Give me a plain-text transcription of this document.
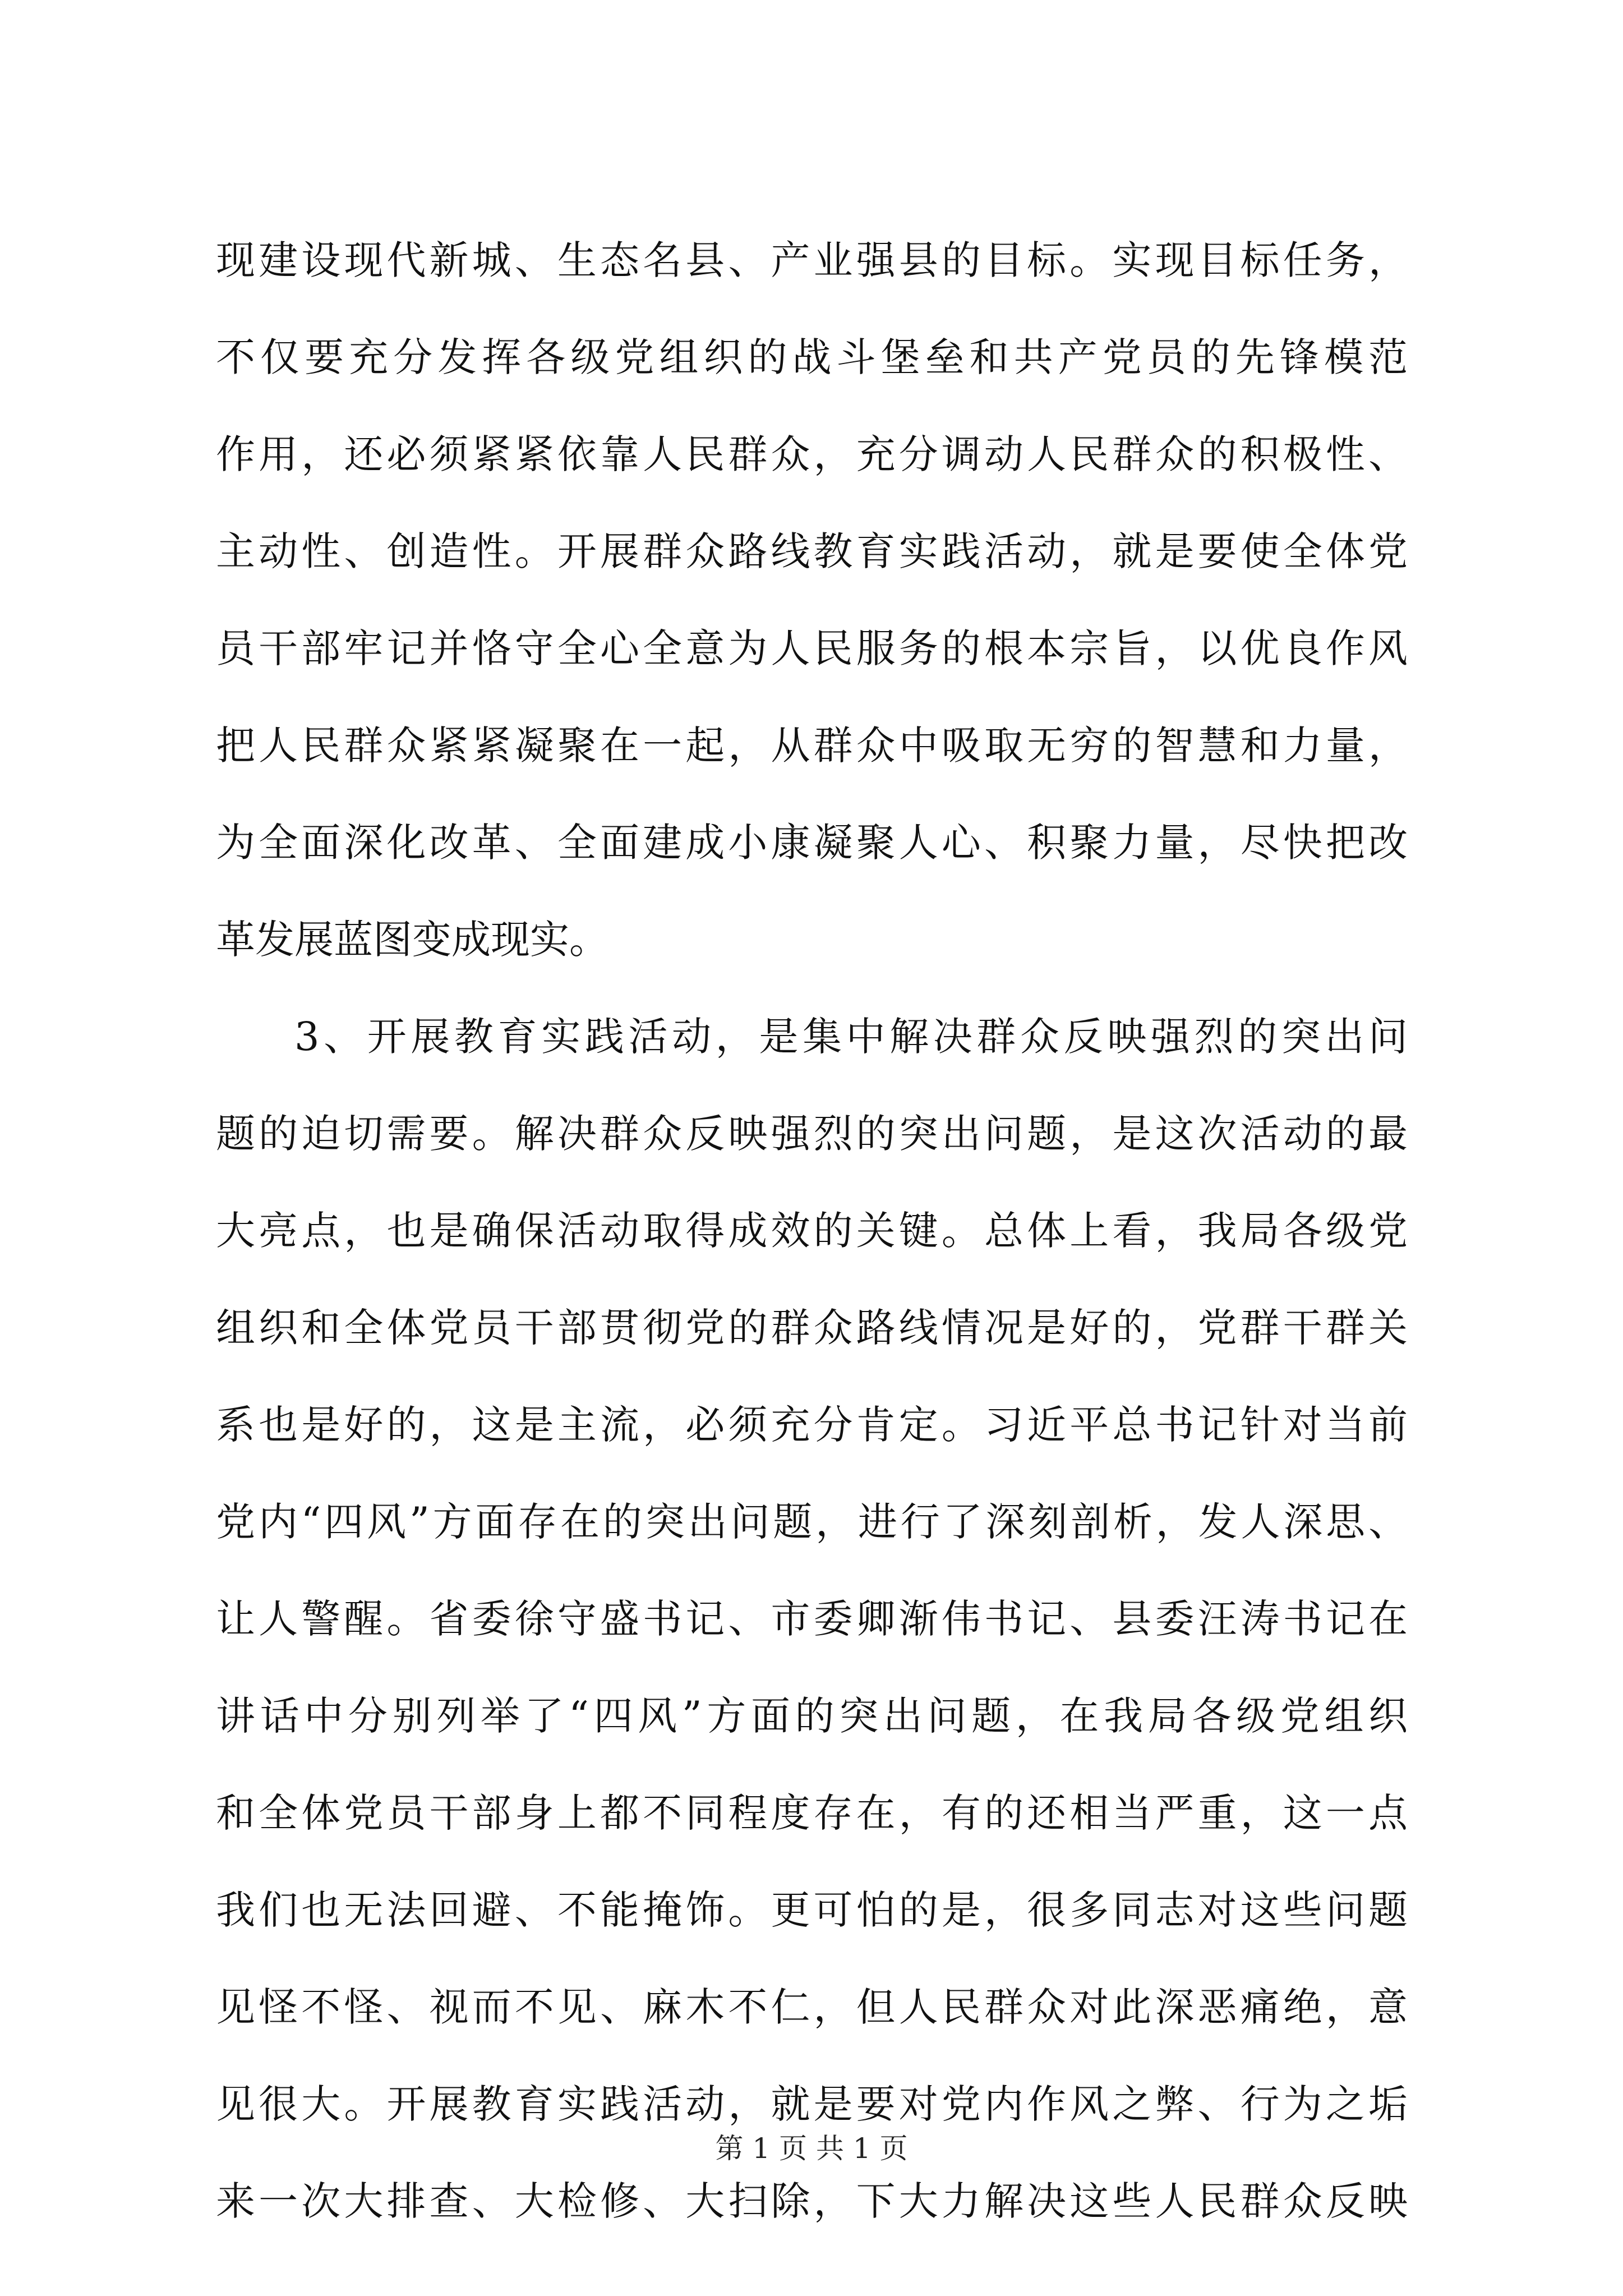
现建设现代新城、生态名县、产业强县的目标。实现目标任务，
不仅要充分发挥各级党组织的战斗堡垒和共产党员的先锋模范
作用，还必须紧紧依靠人民群众，充分调动人民群众的积极性、
主动性、创造性。开展群众路线教育实践活动，就是要使全体党
员干部牢记并恪守全心全意为人民服务的根本宗旨，以优良作风
把人民群众紧紧凝聚在一起，从群众中吸取无穷的智慧和力量，
为全面深化改革、全面建成小康凝聚人心、积聚力量，尽快把改
革发展蓝图变成现实。
3、开展教育实践活动，是集中解决群众反映强烈的突出问
题的迫切需要。解决群众反映强烈的突出问题，是这次活动的最
大亮点，也是确保活动取得成效的关键。总体上看，我局各级党
组织和全体党员干部贯彻党的群众路线情况是好的，党群干群关
系也是好的，这是主流，必须充分肯定。习近平总书记针对当前
党内“四风”方面存在的突出问题，进行了深刻剖析，发人深思、
让人警醒。省委徐守盛书记、市委卿渐伟书记、县委汪涛书记在
讲话中分别列举了“四风”方面的突出问题，在我局各级党组织
和全体党员干部身上都不同程度存在，有的还相当严重，这一点
我们也无法回避、不能掩饰。更可怕的是，很多同志对这些问题
见怪不怪、视而不见、麻木不仁，但人民群众对此深恶痛绝，意
见很大。开展教育实践活动，就是要对党内作风之弊、行为之垢
来一次大排查、大检修、大扫除，下大力解决这些人民群众反映
第 1 页 共 1 页
